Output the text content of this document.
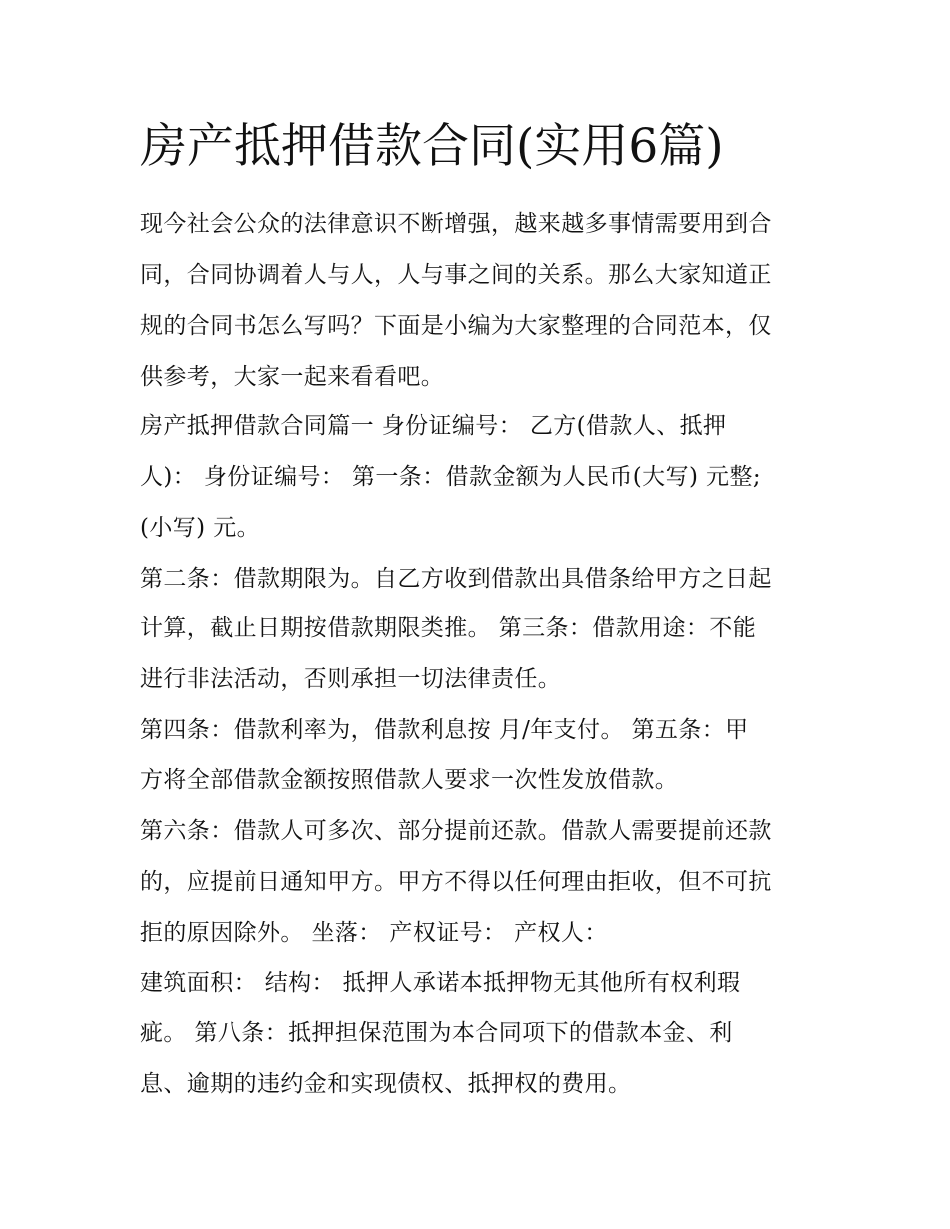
房产抵押借款合同(实用6篇)

现今社会公众的法律意识不断增强，越来越多事情需要用到合

同，合同协调着人与人，人与事之间的关系。那么大家知道正

规的合同书怎么写吗？下面是小编为大家整理的合同范本，仅

供参考，大家一起来看看吧。

房产抵押借款合同篇一 身份证编号： 乙方(借款人、抵押

人)： 身份证编号： 第一条：借款金额为人民币(大写) 元整;

(小写) 元。

第二条：借款期限为。自乙方收到借款出具借条给甲方之日起

计算，截止日期按借款期限类推。 第三条：借款用途：不能

进行非法活动，否则承担一切法律责任。

第四条：借款利率为，借款利息按 月/年支付。 第五条：甲

方将全部借款金额按照借款人要求一次性发放借款。

第六条：借款人可多次、部分提前还款。借款人需要提前还款

的，应提前日通知甲方。甲方不得以任何理由拒收，但不可抗

拒的原因除外。 坐落： 产权证号： 产权人：

建筑面积： 结构： 抵押人承诺本抵押物无其他所有权利瑕

疵。 第八条：抵押担保范围为本合同项下的借款本金、利

息、逾期的违约金和实现债权、抵押权的费用。
